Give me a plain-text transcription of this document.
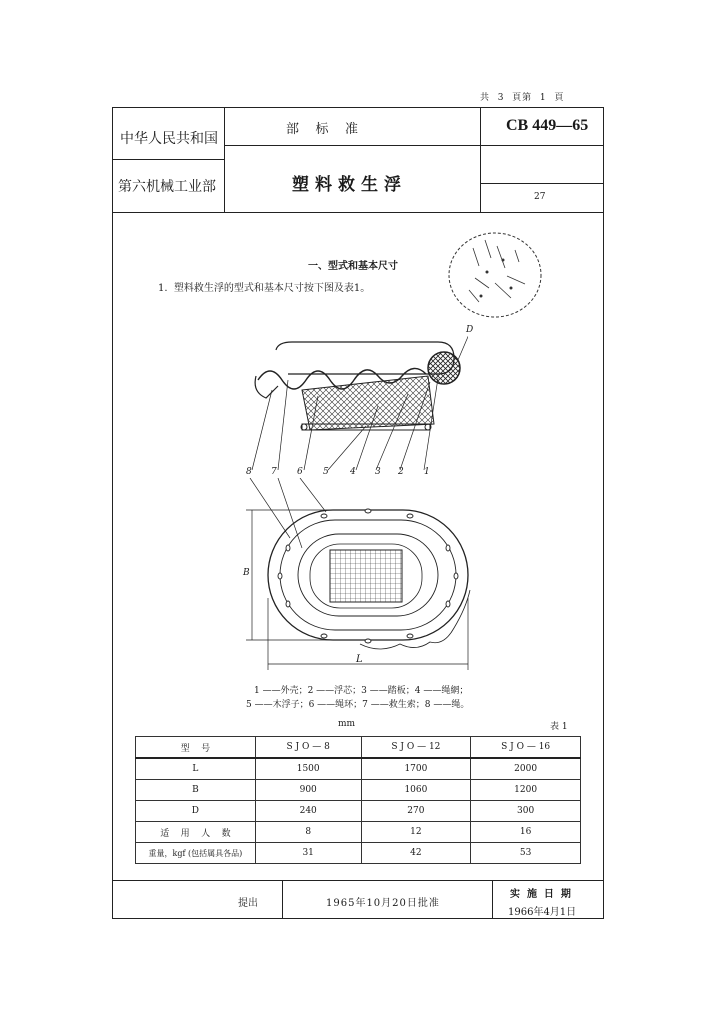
共  3  頁第  1  頁
中华人民共和国
第六机械工业部
部    标    准	CB 449—65
塑料救生浮
27
一、型式和基本尺寸
1.  塑料救生浮的型式和基本尺寸按下图及表1。
D
8 7 6 5 4 3 2 1
B
L
1 ——外壳；2 ——浮芯；3 ——踏板；4 ——绳網；
5 ——木浮子；6 ——绳环；7 ——救生索；8 ——绳。
mm	表 1
型    号	S J O — 8	S J O — 12	S J O — 16
L	1500	1700	2000
B	900	1060	1200
D	240	270	300
适    用    人    数	8	12	16
重量，kgf (包括属具各品)	31	42	53
提出	1965年10月20日批准
实  施  日  期
1966年4月1日
